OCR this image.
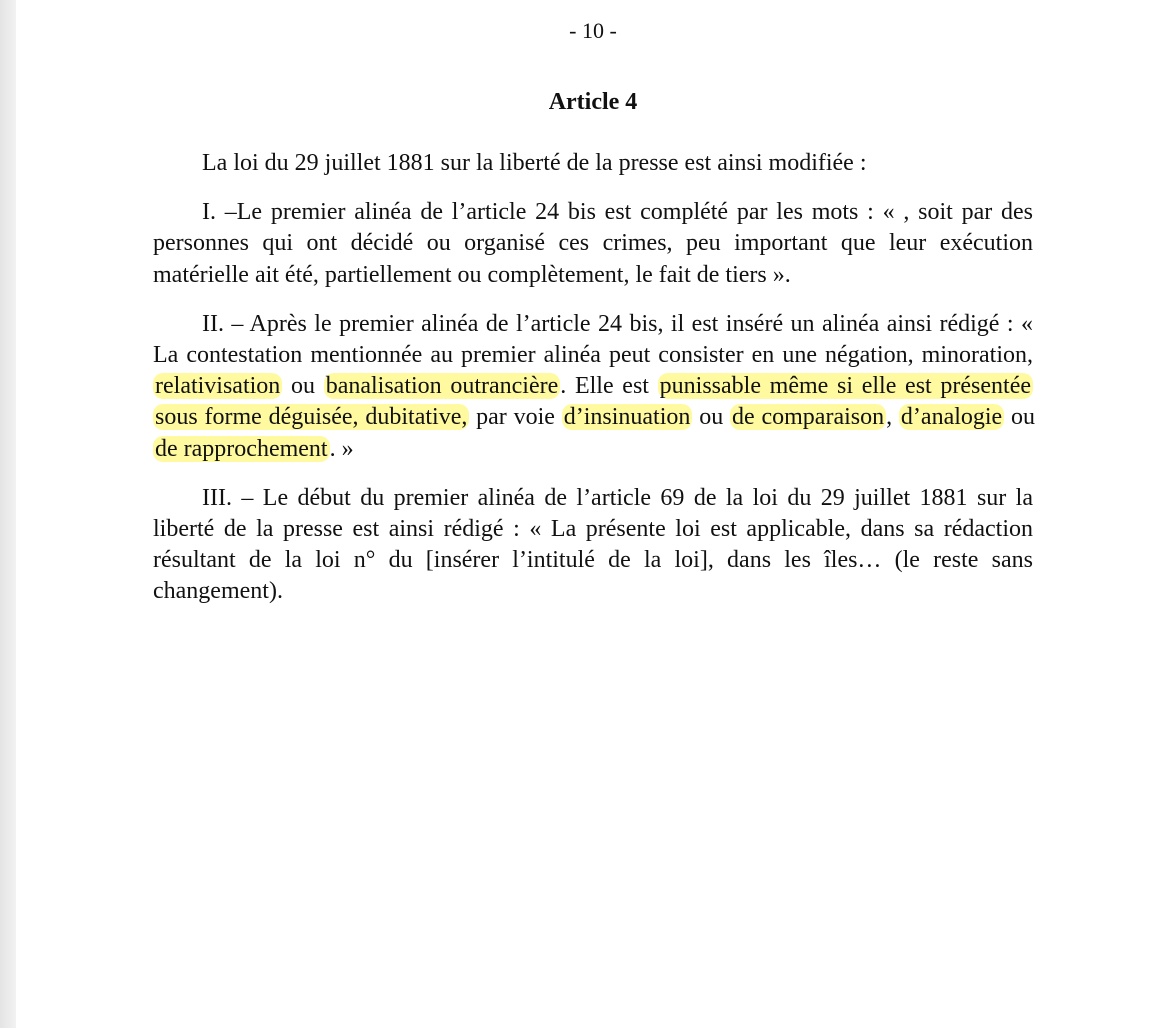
- 10 -
Article 4

La loi du 29 juillet 1881 sur la liberté de la presse est ainsi modifiée :

I. –Le premier alinéa de l’article 24 bis est complété par les mots : « , soit par des personnes qui ont décidé ou organisé ces crimes, peu important que leur exécution matérielle ait été, partiellement ou complètement, le fait de tiers ».

II. – Après le premier alinéa de l’article 24 bis, il est inséré un alinéa ainsi rédigé : « La contestation mentionnée au premier alinéa peut consister en une négation, minoration, relativisation ou banalisation outrancière. Elle est punissable même si elle est présentée sous forme déguisée, dubitative, par voie d’insinuation ou de comparaison, d’analogie ou de rapprochement. »

III. – Le début du premier alinéa de l’article 69 de la loi du 29 juillet 1881 sur la liberté de la presse est ainsi rédigé : « La présente loi est applicable, dans sa rédaction résultant de la loi n° du [insérer l’intitulé de la loi], dans les îles… (le reste sans changement).
